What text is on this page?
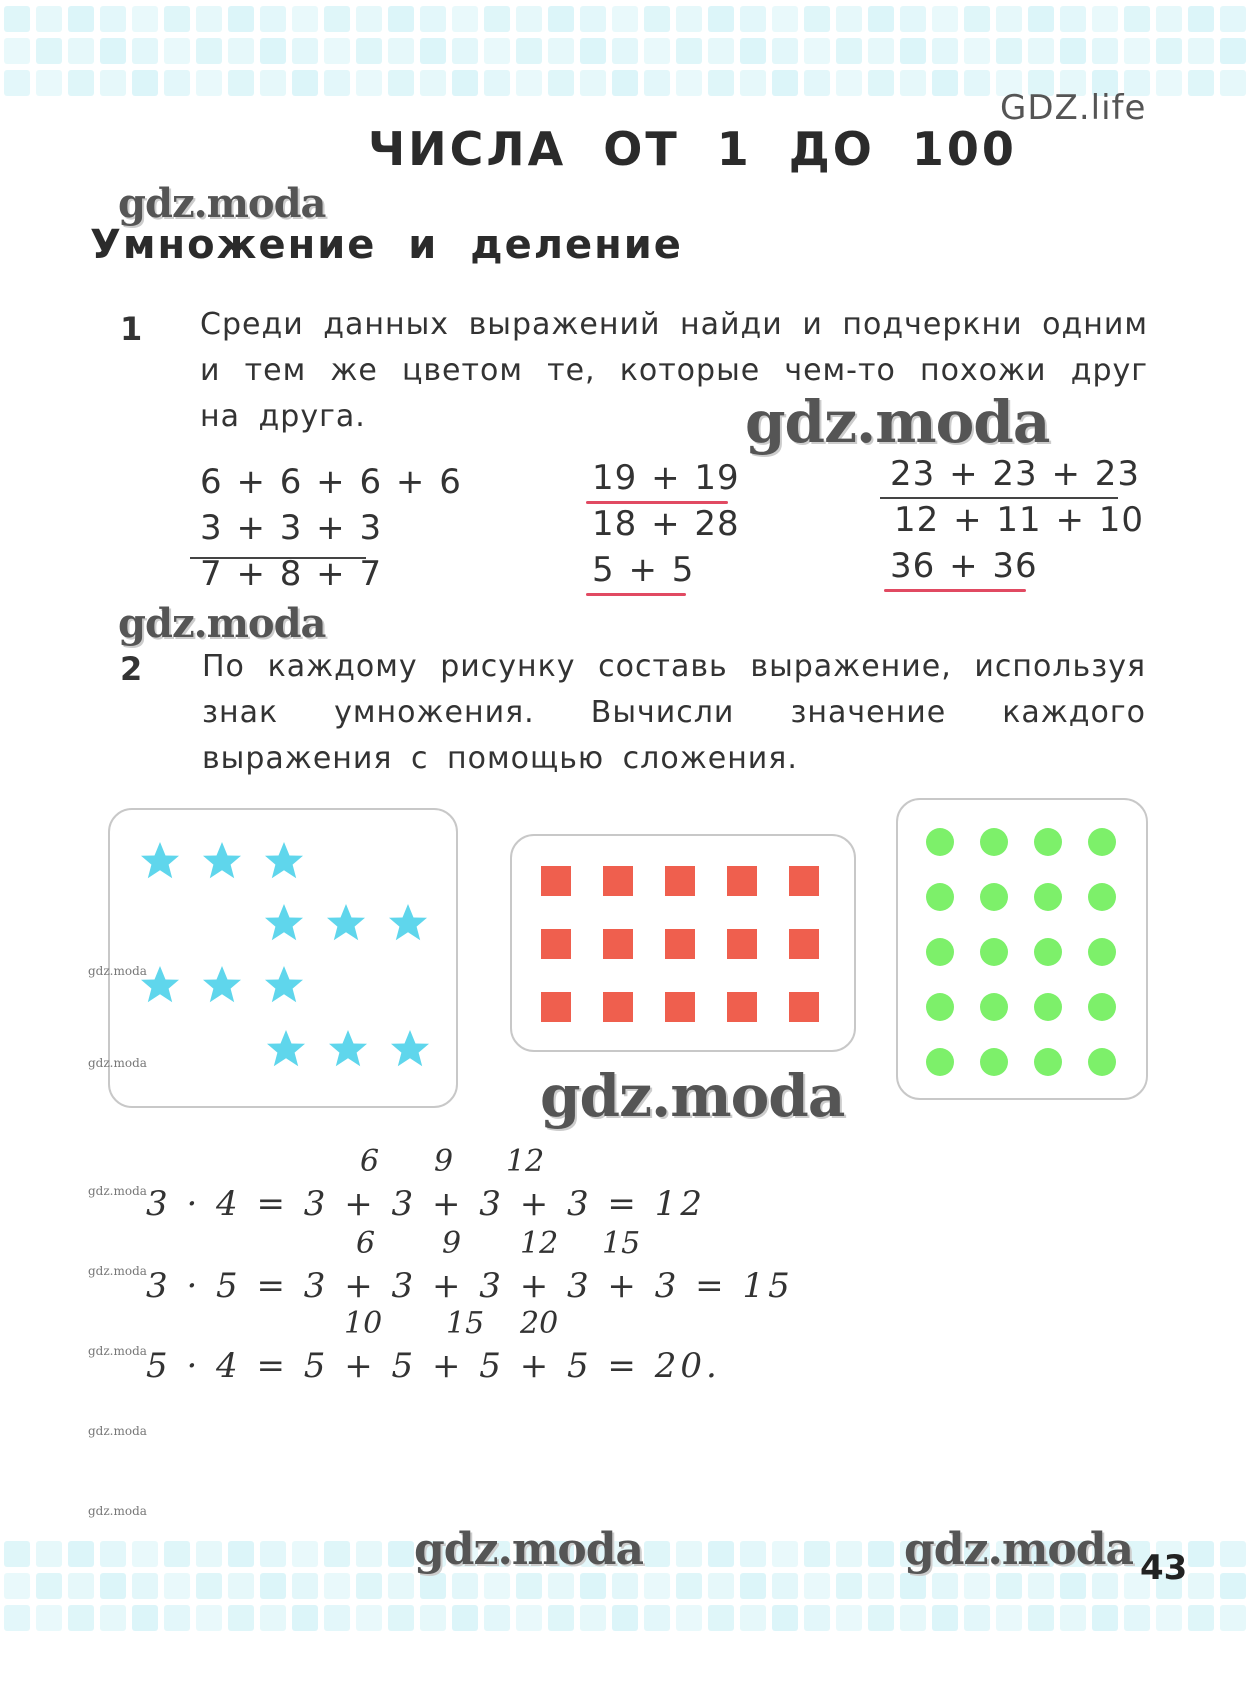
GDZ.life
ЧИСЛА ОТ 1 ДО 100
gdz.moda
Умножение и деление
1 Среди данных выражений найди и подчеркни одним и тем же цветом те, которые чем-то похожи друг на друга.	gdz.moda
6 + 6 + 6 + 6
3 + 3 + 3
7 + 8 + 7
19 + 19
18 + 28
5 + 5
23 + 23 + 23
12 + 11 + 10
36 + 36
gdz.moda
2 По каждому рисунку составь выражение, используя знак умножения. Вычисли значение каждого выражения с помощью сложения.
gdz.moda
gdz.moda
gdz.moda
gdz.moda
gdz.moda
gdz.moda
gdz.moda
gdz.moda
6 9 12
3 · 4 = 3 + 3 + 3 + 3 = 12
6 9 12 15
3 · 5 = 3 + 3 + 3 + 3 + 3 = 15
10 15 20
5 · 4 = 5 + 5 + 5 + 5 = 20.
gdz.moda	gdz.moda 43
